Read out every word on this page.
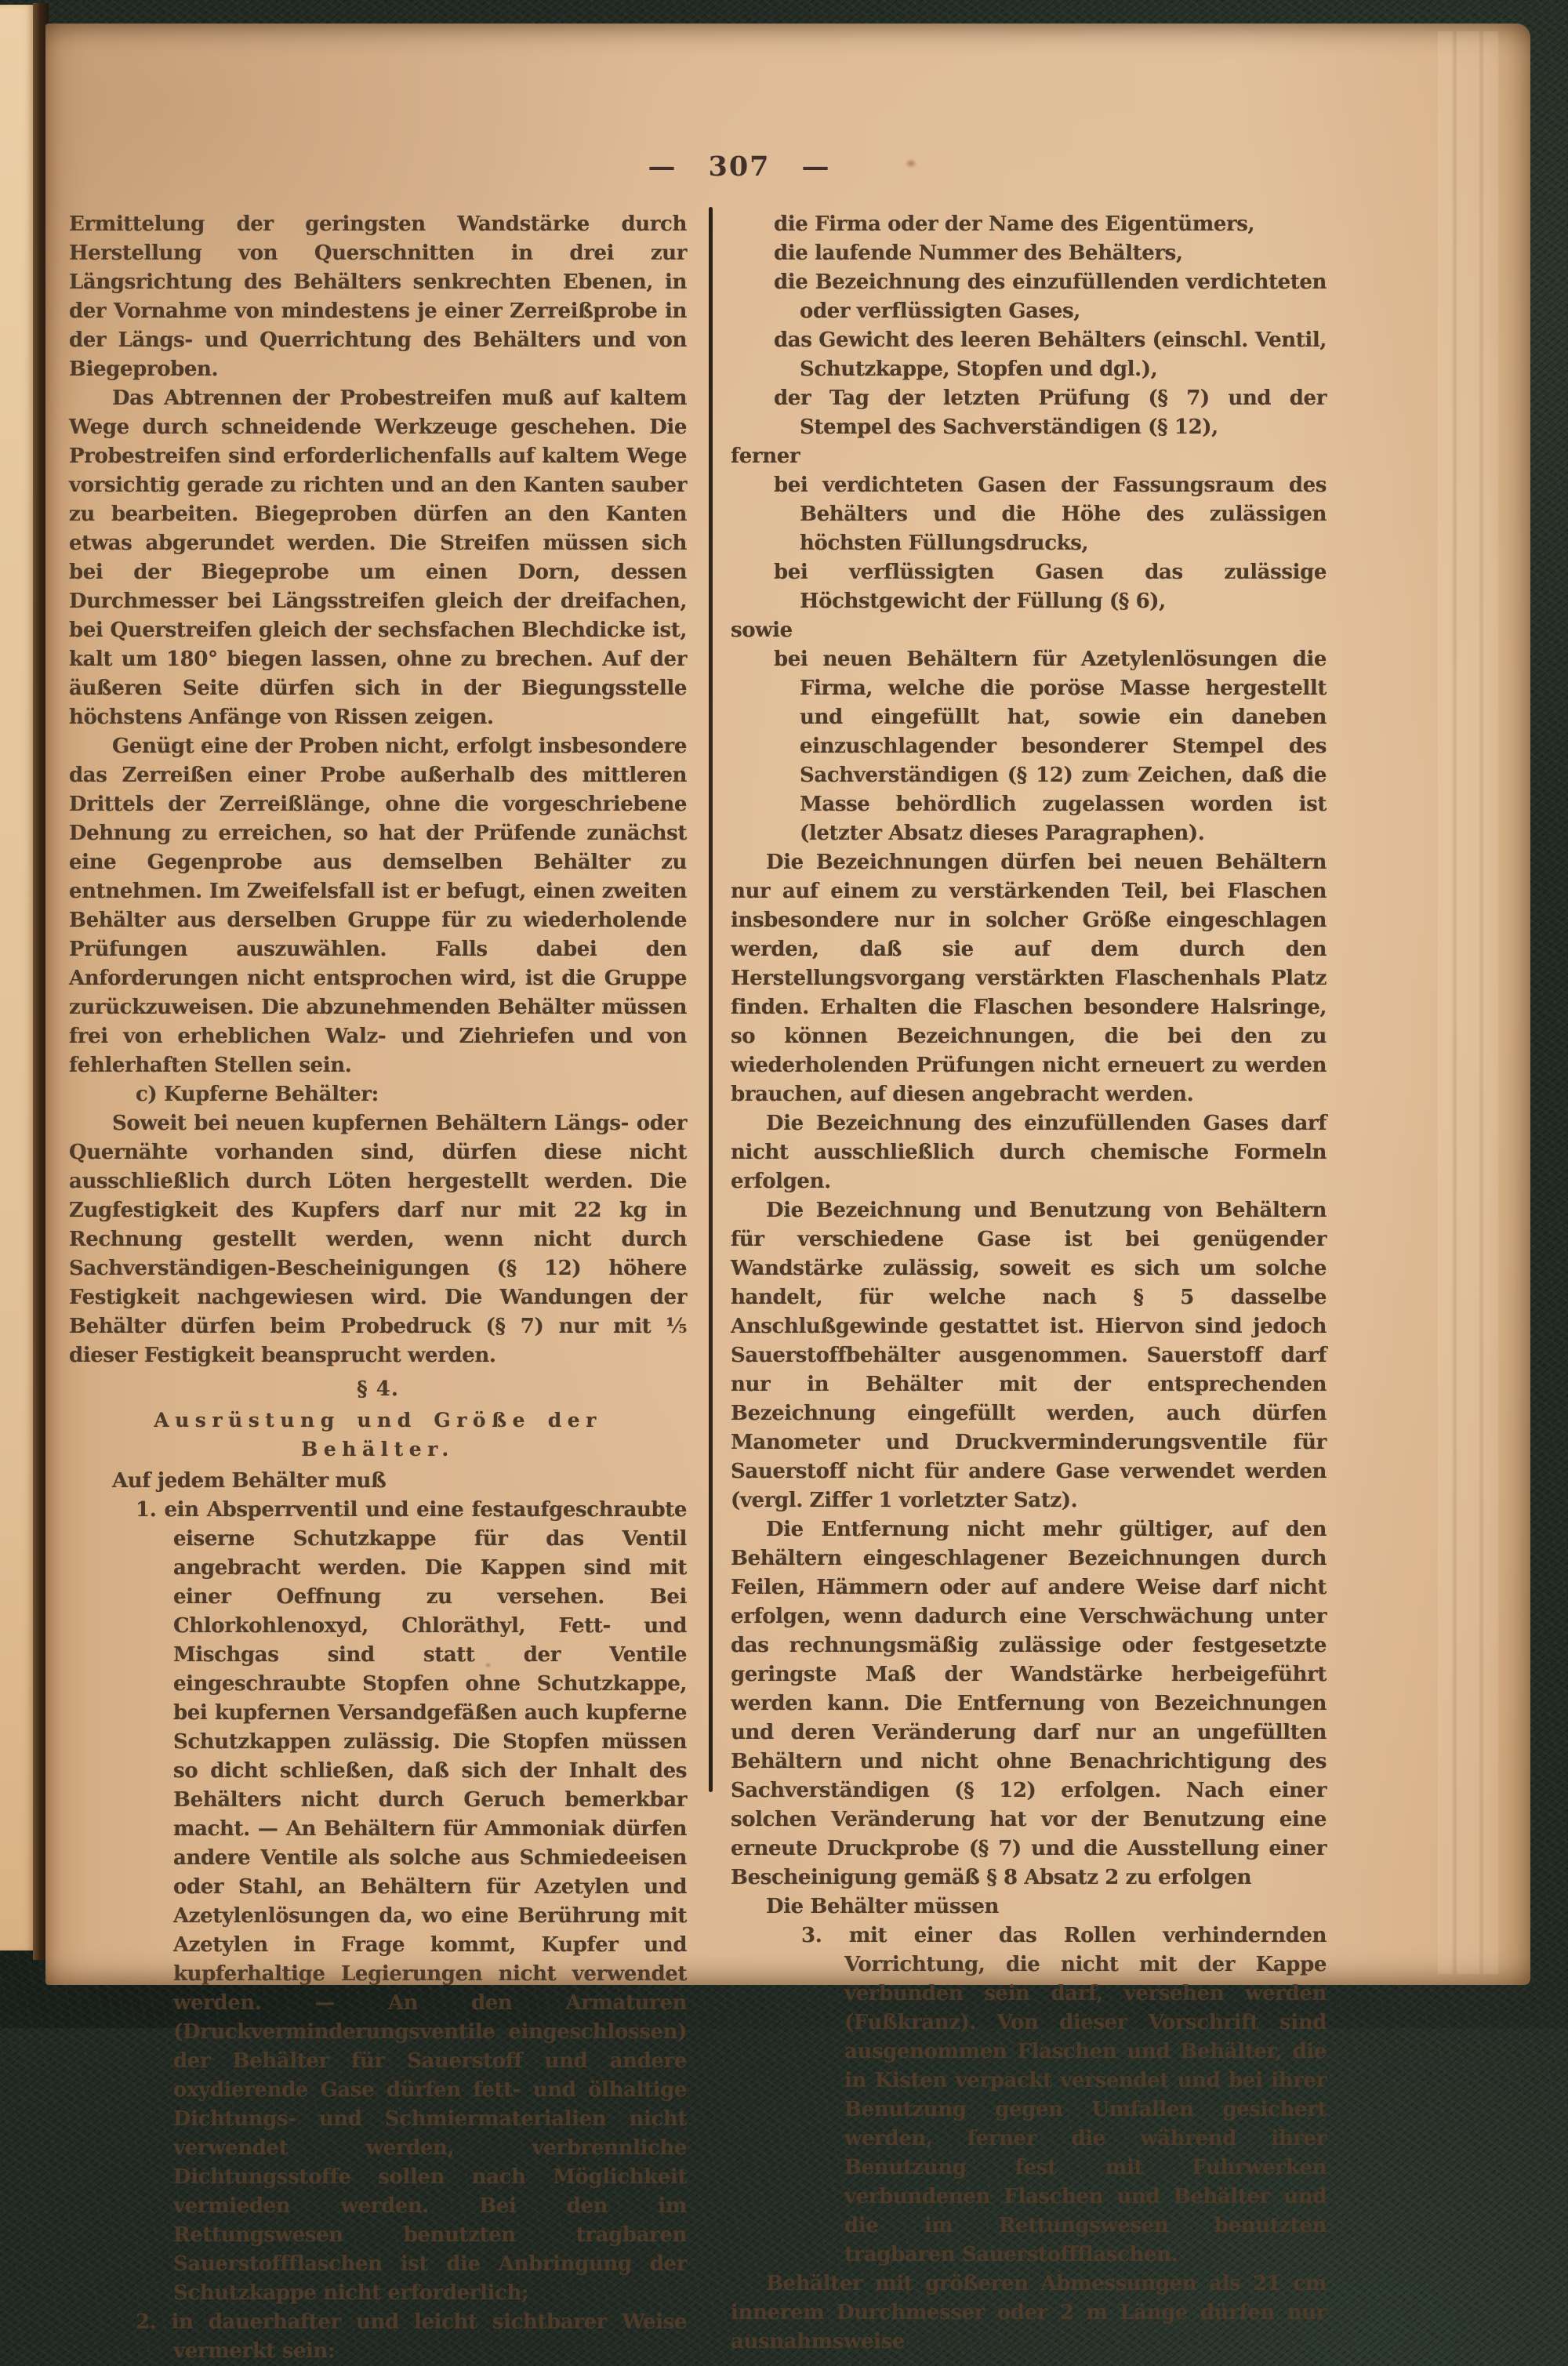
— 307 —

Ermittelung der geringsten Wandstärke durch Herstellung von Querschnitten in drei zur Längsrichtung des Behälters senkrechten Ebenen, in der Vornahme von mindestens je einer Zerreißprobe in der Längs- und Querrichtung des Behälters und von Biegeproben.

Das Abtrennen der Probestreifen muß auf kaltem Wege durch schneidende Werkzeuge geschehen. Die Probestreifen sind erforderlichenfalls auf kaltem Wege vorsichtig gerade zu richten und an den Kanten sauber zu bearbeiten. Biegeproben dürfen an den Kanten etwas abgerundet werden. Die Streifen müssen sich bei der Biegeprobe um einen Dorn, dessen Durchmesser bei Längsstreifen gleich der dreifachen, bei Querstreifen gleich der sechsfachen Blechdicke ist, kalt um 180° biegen lassen, ohne zu brechen. Auf der äußeren Seite dürfen sich in der Biegungsstelle höchstens Anfänge von Rissen zeigen.

Genügt eine der Proben nicht, erfolgt insbesondere das Zerreißen einer Probe außerhalb des mittleren Drittels der Zerreißlänge, ohne die vorgeschriebene Dehnung zu erreichen, so hat der Prüfende zunächst eine Gegenprobe aus demselben Behälter zu entnehmen. Im Zweifelsfall ist er befugt, einen zweiten Behälter aus derselben Gruppe für zu wiederholende Prüfungen auszuwählen. Falls dabei den Anforderungen nicht entsprochen wird, ist die Gruppe zurückzuweisen. Die abzunehmenden Behälter müssen frei von erheblichen Walz- und Ziehriefen und von fehlerhaften Stellen sein.

c) Kupferne Behälter:

Soweit bei neuen kupfernen Behältern Längs- oder Quernähte vorhanden sind, dürfen diese nicht ausschließlich durch Löten hergestellt werden. Die Zugfestigkeit des Kupfers darf nur mit 22 kg in Rechnung gestellt werden, wenn nicht durch Sachverständigen-Bescheinigungen (§ 12) höhere Festigkeit nachgewiesen wird. Die Wandungen der Behälter dürfen beim Probedruck (§ 7) nur mit ⅕ dieser Festigkeit beansprucht werden.

§ 4.

Ausrüstung und Größe der Behälter.

Auf jedem Behälter muß

1. ein Absperrventil und eine festaufgeschraubte eiserne Schutzkappe für das Ventil angebracht werden. Die Kappen sind mit einer Oeffnung zu versehen. Bei Chlorkohlenoxyd, Chloräthyl, Fett- und Mischgas sind statt der Ventile eingeschraubte Stopfen ohne Schutzkappe, bei kupfernen Versandgefäßen auch kupferne Schutzkappen zulässig. Die Stopfen müssen so dicht schließen, daß sich der Inhalt des Behälters nicht durch Geruch bemerkbar macht. — An Behältern für Ammoniak dürfen andere Ventile als solche aus Schmiedeeisen oder Stahl, an Behältern für Azetylen und Azetylenlösungen da, wo eine Berührung mit Azetylen in Frage kommt, Kupfer und kupferhaltige Legierungen nicht verwendet werden. — An den Armaturen (Druckverminderungsventile eingeschlossen) der Behälter für Sauerstoff und andere oxydierende Gase dürfen fett- und ölhaltige Dichtungs- und Schmiermaterialien nicht verwendet werden, verbrennliche Dichtungsstoffe sollen nach Möglichkeit vermieden werden. Bei den im Rettungswesen benutzten tragbaren Sauerstoffflaschen ist die Anbringung der Schutzkappe nicht erforderlich;

2. in dauerhafter und leicht sichtbarer Weise vermerkt sein:

die Firma oder der Name des Eigentümers,

die laufende Nummer des Behälters,

die Bezeichnung des einzufüllenden verdichteten oder verflüssigten Gases,

das Gewicht des leeren Behälters (einschl. Ventil, Schutzkappe, Stopfen und dgl.),

der Tag der letzten Prüfung (§ 7) und der Stempel des Sachverständigen (§ 12),

ferner

bei verdichteten Gasen der Fassungsraum des Behälters und die Höhe des zulässigen höchsten Füllungsdrucks,

bei verflüssigten Gasen das zulässige Höchstgewicht der Füllung (§ 6),

sowie

bei neuen Behältern für Azetylenlösungen die Firma, welche die poröse Masse hergestellt und eingefüllt hat, sowie ein daneben einzuschlagender besonderer Stempel des Sachverständigen (§ 12) zum Zeichen, daß die Masse behördlich zugelassen worden ist (letzter Absatz dieses Paragraphen).

Die Bezeichnungen dürfen bei neuen Behältern nur auf einem zu verstärkenden Teil, bei Flaschen insbesondere nur in solcher Größe eingeschlagen werden, daß sie auf dem durch den Herstellungsvorgang verstärkten Flaschenhals Platz finden. Erhalten die Flaschen besondere Halsringe, so können Bezeichnungen, die bei den zu wiederholenden Prüfungen nicht erneuert zu werden brauchen, auf diesen angebracht werden.

Die Bezeichnung des einzufüllenden Gases darf nicht ausschließlich durch chemische Formeln erfolgen.

Die Bezeichnung und Benutzung von Behältern für verschiedene Gase ist bei genügender Wandstärke zulässig, soweit es sich um solche handelt, für welche nach § 5 dasselbe Anschlußgewinde gestattet ist. Hiervon sind jedoch Sauerstoffbehälter ausgenommen. Sauerstoff darf nur in Behälter mit der entsprechenden Bezeichnung eingefüllt werden, auch dürfen Manometer und Druckverminderungsventile für Sauerstoff nicht für andere Gase verwendet werden (vergl. Ziffer 1 vorletzter Satz).

Die Entfernung nicht mehr gültiger, auf den Behältern eingeschlagener Bezeichnungen durch Feilen, Hämmern oder auf andere Weise darf nicht erfolgen, wenn dadurch eine Verschwächung unter das rechnungsmäßig zulässige oder festgesetzte geringste Maß der Wandstärke herbeigeführt werden kann. Die Entfernung von Bezeichnungen und deren Veränderung darf nur an ungefüllten Behältern und nicht ohne Benachrichtigung des Sachverständigen (§ 12) erfolgen. Nach einer solchen Veränderung hat vor der Benutzung eine erneute Druckprobe (§ 7) und die Ausstellung einer Bescheinigung gemäß § 8 Absatz 2 zu erfolgen

Die Behälter müssen

3. mit einer das Rollen verhindernden Vorrichtung, die nicht mit der Kappe verbunden sein darf, versehen werden (Fußkranz). Von dieser Vorschrift sind ausgenommen Flaschen und Behälter, die in Kisten verpackt versendet und bei ihrer Benutzung gegen Umfallen gesichert werden, ferner die während ihrer Benutzung fest mit Fuhrwerken verbundenen Flaschen und Behälter und die im Rettungswesen benutzten tragbaren Sauerstoffflaschen.

Behälter mit größeren Abmessungen als 21 cm innerem Durchmesser oder 2 m Länge dürfen nur ausnahmsweise
